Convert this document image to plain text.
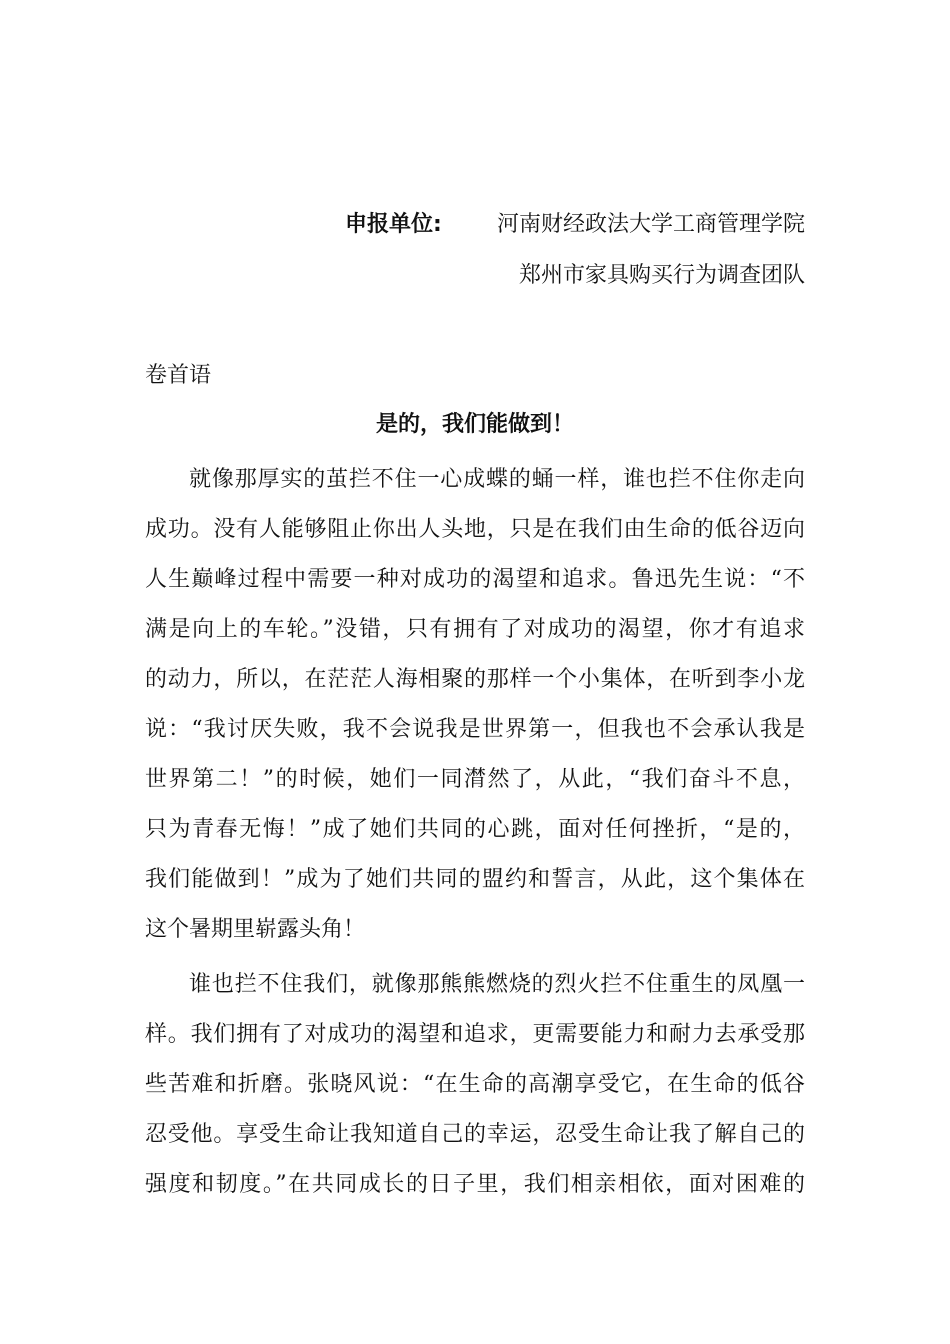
申报单位:	河南财经政法大学工商管理学院
郑州市家具购买行为调查团队
卷首语
是的，我们能做到！
就像那厚实的茧拦不住一心成蝶的蛹一样，谁也拦不住你走向
成功。没有人能够阻止你出人头地，只是在我们由生命的低谷迈向
人生巅峰过程中需要一种对成功的渴望和追求。鲁迅先生说：“不
满是向上的车轮。”没错，只有拥有了对成功的渴望，你才有追求
的动力，所以，在茫茫人海相聚的那样一个小集体，在听到李小龙
说：“我讨厌失败，我不会说我是世界第一，但我也不会承认我是
世界第二！”的时候，她们一同潸然了，从此，“我们奋斗不息，
只为青春无悔！”成了她们共同的心跳，面对任何挫折，“是的，
我们能做到！”成为了她们共同的盟约和誓言，从此，这个集体在
这个暑期里崭露头角！
谁也拦不住我们，就像那熊熊燃烧的烈火拦不住重生的凤凰一
样。我们拥有了对成功的渴望和追求，更需要能力和耐力去承受那
些苦难和折磨。张晓风说：“在生命的高潮享受它，在生命的低谷
忍受他。享受生命让我知道自己的幸运，忍受生命让我了解自己的
强度和韧度。”在共同成长的日子里，我们相亲相依，面对困难的
